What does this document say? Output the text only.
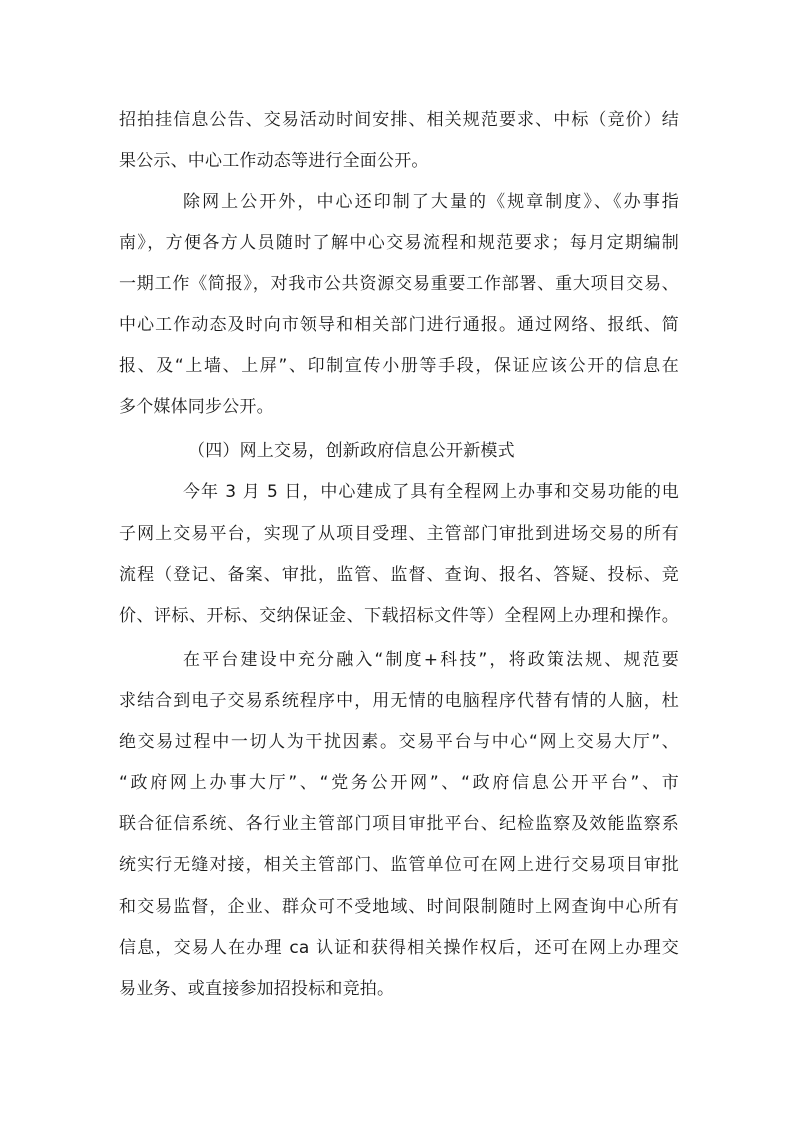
招拍挂信息公告、交易活动时间安排、相关规范要求、中标（竞价）结
果公示、中心工作动态等进行全面公开。
除网上公开外，中心还印制了大量的《规章制度》、《办事指
南》，方便各方人员随时了解中心交易流程和规范要求；每月定期编制
一期工作《简报》，对我市公共资源交易重要工作部署、重大项目交易、
中心工作动态及时向市领导和相关部门进行通报。通过网络、报纸、简
报、及“上墙、上屏”、印制宣传小册等手段，保证应该公开的信息在
多个媒体同步公开。
（四）网上交易，创新政府信息公开新模式
今年 3 月 5 日，中心建成了具有全程网上办事和交易功能的电
子网上交易平台，实现了从项目受理、主管部门审批到进场交易的所有
流程（登记、备案、审批，监管、监督、查询、报名、答疑、投标、竞
价、评标、开标、交纳保证金、下载招标文件等）全程网上办理和操作。
在平台建设中充分融入“制度+科技”，将政策法规、规范要
求结合到电子交易系统程序中，用无情的电脑程序代替有情的人脑，杜
绝交易过程中一切人为干扰因素。交易平台与中心“网上交易大厅”、
“政府网上办事大厅”、“党务公开网”、“政府信息公开平台”、市
联合征信系统、各行业主管部门项目审批平台、纪检监察及效能监察系
统实行无缝对接，相关主管部门、监管单位可在网上进行交易项目审批
和交易监督，企业、群众可不受地域、时间限制随时上网查询中心所有
信息，交易人在办理 ca 认证和获得相关操作权后，还可在网上办理交
易业务、或直接参加招投标和竞拍。
